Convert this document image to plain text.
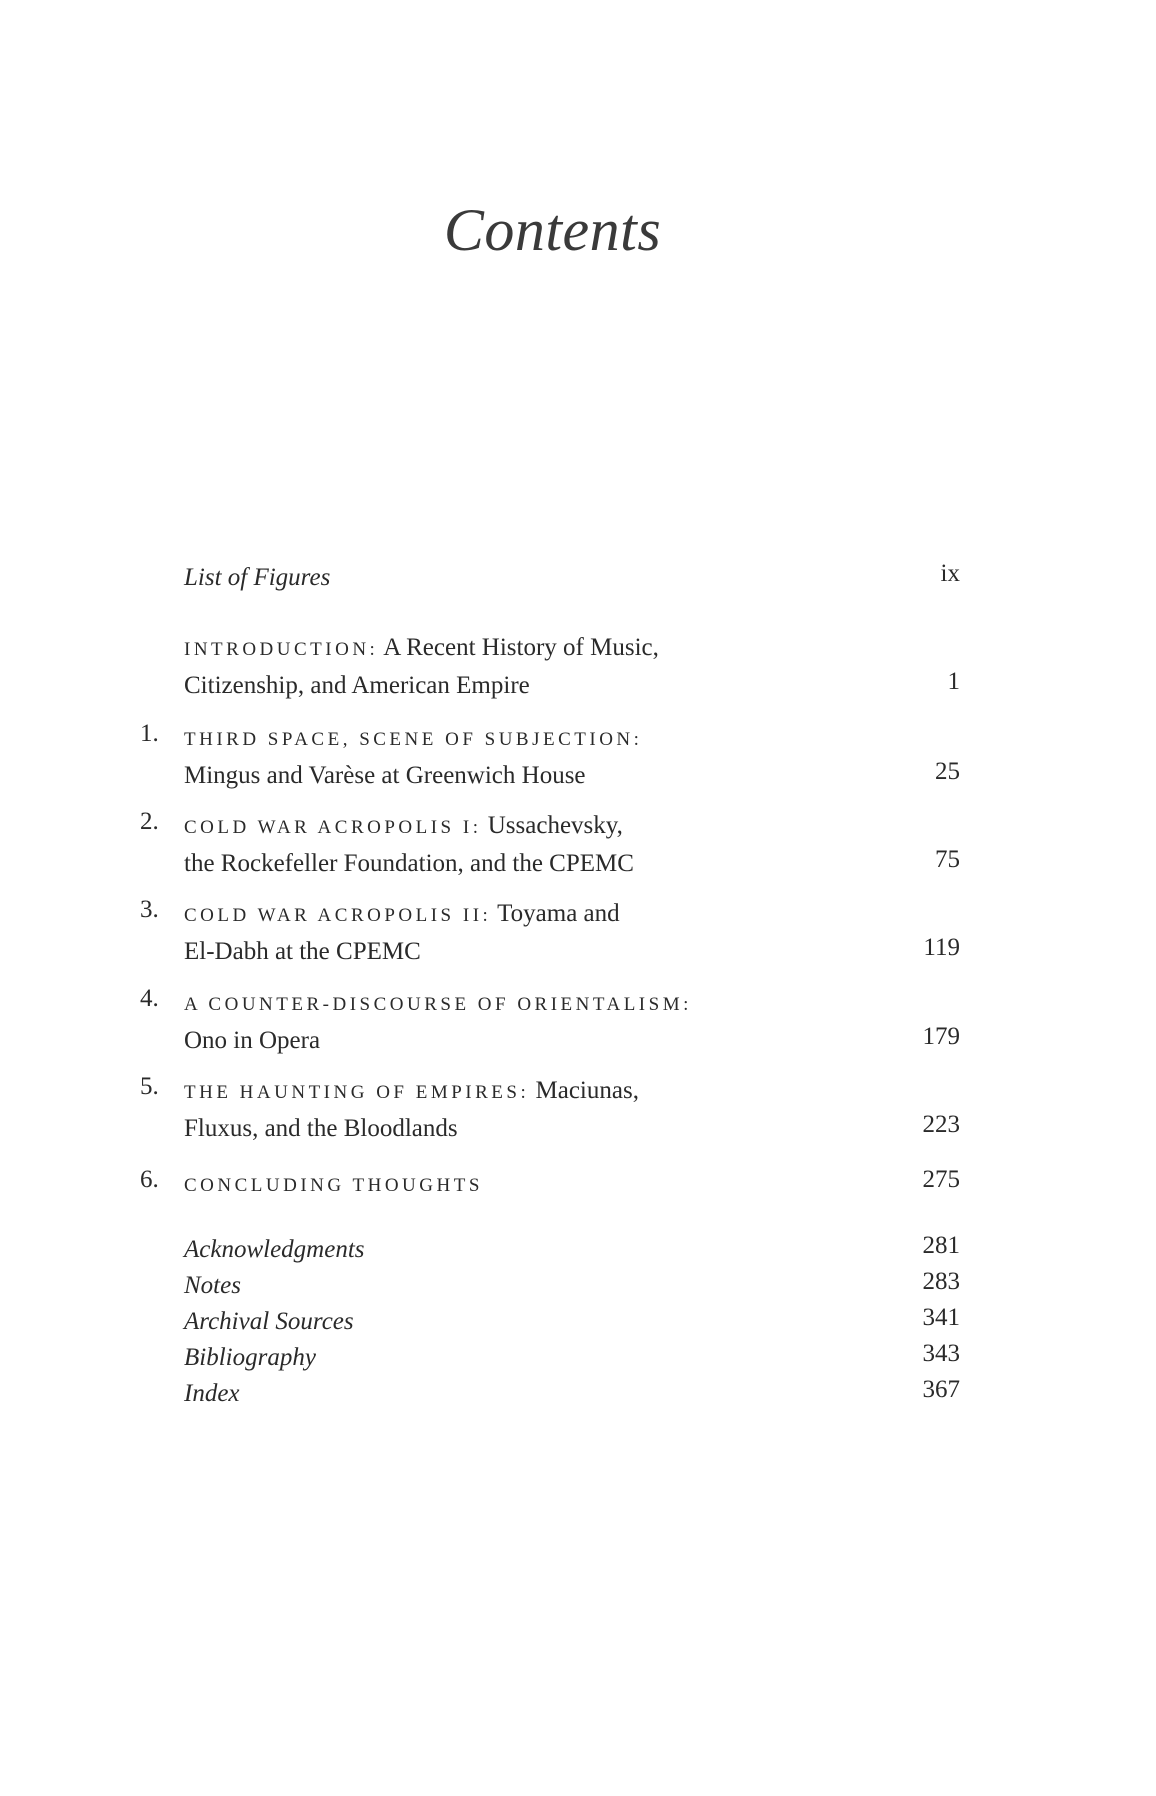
Contents
List of Figures	ix
INTRODUCTION: A Recent History of Music,
Citizenship, and American Empire	1
1.	THIRD SPACE, SCENE OF SUBJECTION:
Mingus and Varèse at Greenwich House	25
2.	COLD WAR ACROPOLIS I: Ussachevsky,
the Rockefeller Foundation, and the CPEMC	75
3.	COLD WAR ACROPOLIS II: Toyama and
El-Dabh at the CPEMC	119
4.	A COUNTER-DISCOURSE OF ORIENTALISM:
Ono in Opera	179
5.	THE HAUNTING OF EMPIRES: Maciunas,
Fluxus, and the Bloodlands	223
6.	CONCLUDING THOUGHTS	275
Acknowledgments	281
Notes	283
Archival Sources	341
Bibliography	343
Index	367
